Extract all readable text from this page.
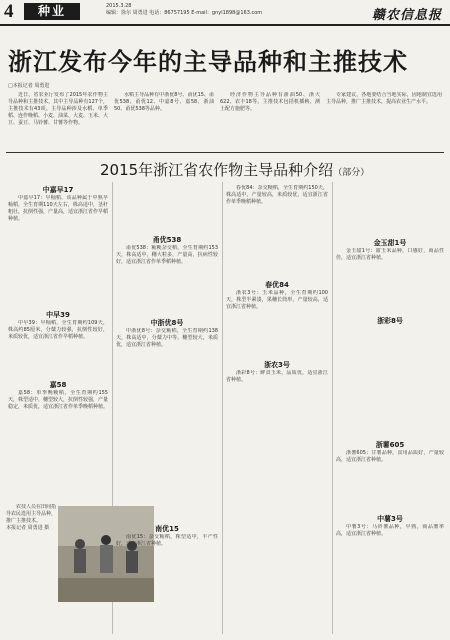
4	种业	2015.3.28
编辑：徐尔 周勇进 电话：86757195 E-mail：gnyl1898@163.com	赣农信息报
浙江发布今年的主导品种和主推技术
□本报记者 周勇进

近日，省农业厅发布了2015年农作物主导品种和主推技术，其中主导品种有127个，主推技术有43项。主导品种涉及水稻、单季稻、连作晚稻、小麦、油菜、大麦、玉米、大豆、蚕豆、马铃薯、甘薯等作物。

水稻主导品种有中浙优8号、甬优15、甬优538、甬优12、中嘉8号、嘉58、浙油50、甬优538等品种。

经济作物主导品种有浙油50、浙大622、农丰18等。主推技术包括机插秧、测土配方施肥等。

专家建议，各地要结合当地实际，因地制宜选用主导品种，推广主推技术，提高农业生产水平。

2015年浙江省农作物主导品种介绍（部分）
中嘉早17

中嘉早17：早籼稻，该品种属于中熟早籼稻，全生育期110天左右，株高适中，茎秆粗壮，抗倒性强，产量高，适宜浙江省作早稻种植。

中早39

中早39：早籼稻，全生育期约109天，株高约85厘米，分蘖力较强，抗倒性较好，米质较优，适宜浙江省作早稻种植。

嘉58

嘉58：单季晚粳稻，全生育期约155天，株型适中，穗型较大，抗倒性较强，产量稳定，米质优，适宜浙江省作单季晚稻种植。

农技人员在田间指导农民选用主导品种，推广主推技术。
本报记者 周勇进 摄

甬优538

甬优538：籼粳杂交稻，全生育期约153天，株高适中，穗大粒多，产量高，抗病性较好，适宜浙江省作单季稻种植。

中浙优8号

中浙优8号：杂交籼稻，全生育期约138天，株高适中，分蘖力中等，穗型较大，米质优，适宜浙江省种植。

南优15

南优15：杂交籼稻，株型适中，丰产性好，适宜浙江省种植。

春优84：杂交粳稻，全生育期约150天，株高适中，产量较高，米质较优，适宜浙江省作单季晚稻种植。

春优84

浙农3号：玉米品种，全生育期约100天，株型半紧凑，果穗长筒形，产量较高，适宜浙江省种植。

浙农3号

浙彩8号：鲜食玉米，品质优，适宜浙江省种植。

金玉甜1号

金玉甜1号：甜玉米品种，口感好，商品性佳，适宜浙江省种植。

浙彩8号
浙薯605

浙薯605：甘薯品种，食用品质好，产量较高，适宜浙江省种植。

中薯3号

中薯3号：马铃薯品种，早熟，商品薯率高，适宜浙江省种植。
